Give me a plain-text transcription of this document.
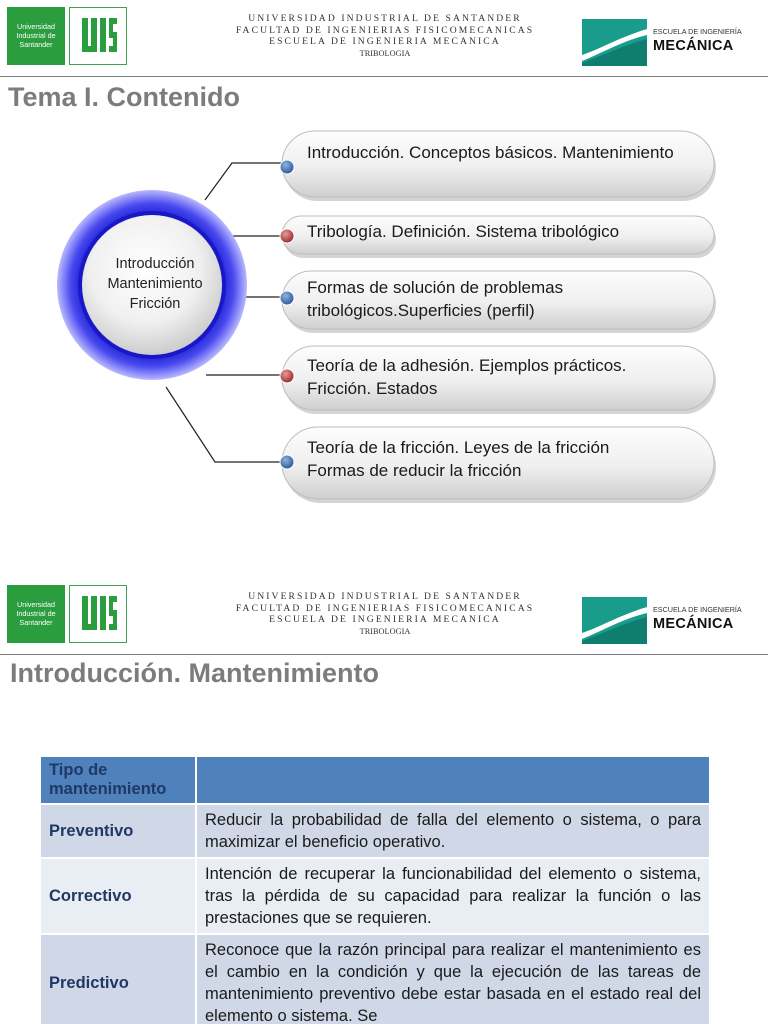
Universidad
Industrial de
Santander
UNIVERSIDAD INDUSTRIAL DE SANTANDER
FACULTAD DE INGENIERIAS FISICOMECANICAS
ESCUELA DE INGENIERIA MECANICA
TRIBOLOGIA
ESCUELA DE INGENIERÍA
MECÁNICA
Tema I. Contenido
Introducción Mantenimiento Fricción
Introducción. Conceptos básicos. Mantenimiento
Tribología. Definición. Sistema tribológico
Formas de solución de problemas tribológicos.Superficies (perfil)
Teoría de la adhesión. Ejemplos prácticos. Fricción. Estados
Teoría de la fricción. Leyes de la fricción Formas de reducir la fricción
Universidad
Industrial de
Santander
UNIVERSIDAD INDUSTRIAL DE SANTANDER
FACULTAD DE INGENIERIAS FISICOMECANICAS
ESCUELA DE INGENIERIA MECANICA
TRIBOLOGIA
ESCUELA DE INGENIERÍA
MECÁNICA
Introducción. Mantenimiento
Tipo de mantenimiento	
Preventivo	Reducir la probabilidad de falla del elemento o sistema, o para maximizar el beneficio operativo.
Correctivo	Intención de recuperar la funcionabilidad del elemento o sistema, tras la pérdida de su capacidad para realizar la función o las prestaciones que se requieren.
Predictivo	Reconoce que la razón principal para realizar el mantenimiento es el cambio en la condición y que la ejecución de las tareas de mantenimiento preventivo debe estar basada en el estado real del elemento o sistema. Se
